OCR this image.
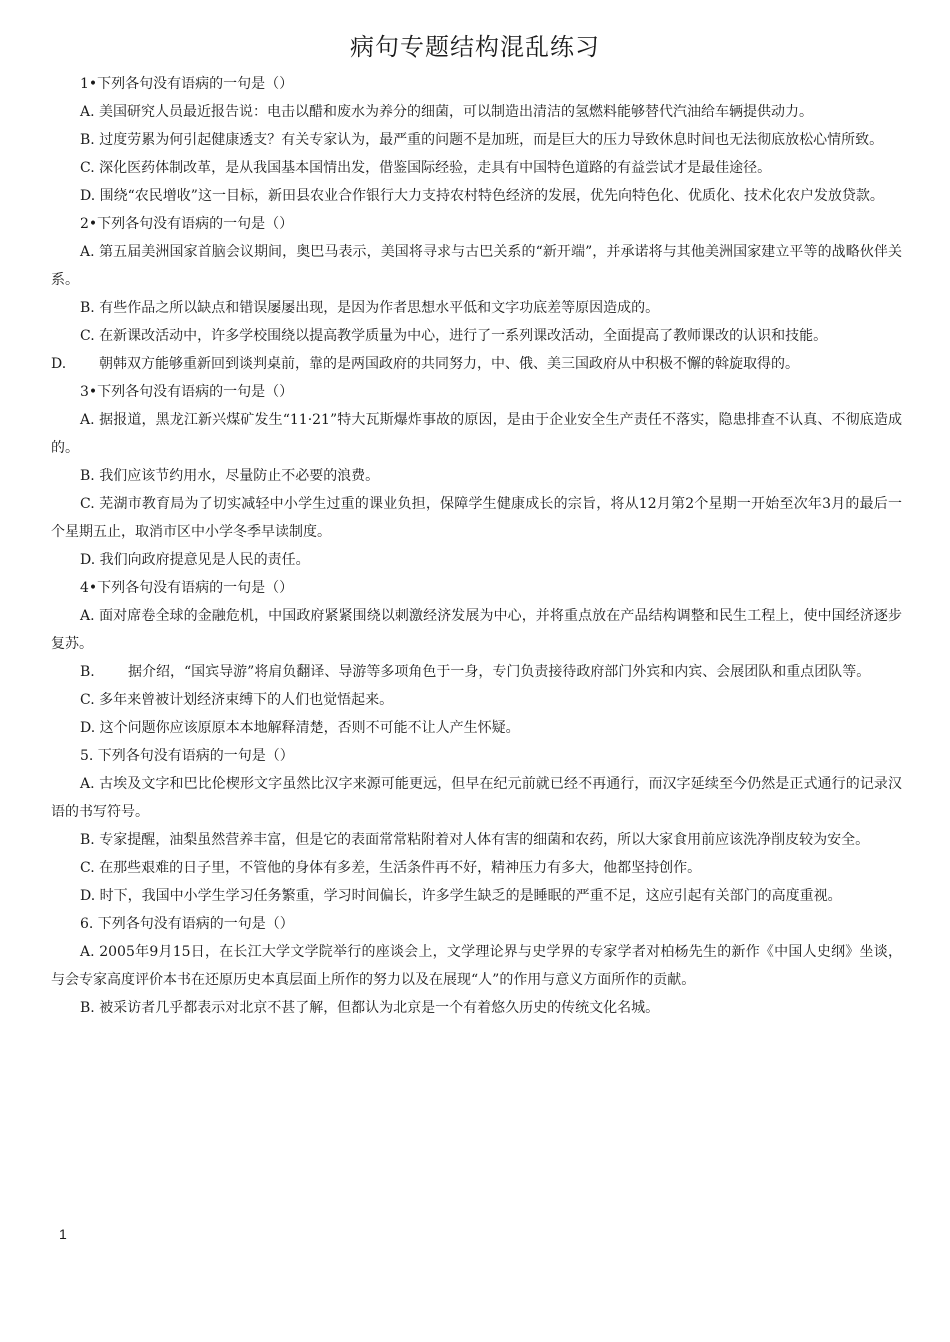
病句专题结构混乱练习

1•下列各句没有语病的一句是（）

A. 美国研究人员最近报告说：电击以醋和废水为养分的细菌，可以制造出清洁的氢燃料能够替代汽油给车辆提供动力。

B. 过度劳累为何引起健康透支？有关专家认为，最严重的问题不是加班，而是巨大的压力导致休息时间也无法彻底放松心情所致。

C. 深化医药体制改革，是从我国基本国情出发，借鉴国际经验，走具有中国特色道路的有益尝试才是最佳途径。

D. 围绕“农民增收”这一目标，新田县农业合作银行大力支持农村特色经济的发展，优先向特色化、优质化、技术化农户发放贷款。

2•下列各句没有语病的一句是（）

A. 第五届美洲国家首脑会议期间，奥巴马表示，美国将寻求与古巴关系的“新开端”，并承诺将与其他美洲国家建立平等的战略伙伴关系。

B. 有些作品之所以缺点和错误屡屡出现，是因为作者思想水平低和文字功底差等原因造成的。

C. 在新课改活动中，许多学校围绕以提高教学质量为中心，进行了一系列课改活动，全面提高了教师课改的认识和技能。

D. 朝韩双方能够重新回到谈判桌前，靠的是两国政府的共同努力，中、俄、美三国政府从中积极不懈的斡旋取得的。

3•下列各句没有语病的一句是（）

A. 据报道，黑龙江新兴煤矿发生“11·21”特大瓦斯爆炸事故的原因，是由于企业安全生产责任不落实，隐患排查不认真、不彻底造成的。

B. 我们应该节约用水，尽量防止不必要的浪费。

C. 芜湖市教育局为了切实减轻中小学生过重的课业负担，保障学生健康成长的宗旨，将从12月第2个星期一开始至次年3月的最后一个星期五止，取消市区中小学冬季早读制度。

D. 我们向政府提意见是人民的责任。

4•下列各句没有语病的一句是（）

A. 面对席卷全球的金融危机，中国政府紧紧围绕以刺激经济发展为中心，并将重点放在产品结构调整和民生工程上，使中国经济逐步复苏。

B. 据介绍，“国宾导游”将肩负翻译、导游等多项角色于一身，专门负责接待政府部门外宾和内宾、会展团队和重点团队等。

C. 多年来曾被计划经济束缚下的人们也觉悟起来。

D. 这个问题你应该原原本本地解释清楚，否则不可能不让人产生怀疑。

5. 下列各句没有语病的一句是（）

A. 古埃及文字和巴比伦楔形文字虽然比汉字来源可能更远，但早在纪元前就已经不再通行，而汉字延续至今仍然是正式通行的记录汉语的书写符号。

B. 专家提醒，油梨虽然营养丰富，但是它的表面常常粘附着对人体有害的细菌和农药，所以大家食用前应该洗净削皮较为安全。

C. 在那些艰难的日子里，不管他的身体有多差，生活条件再不好，精神压力有多大，他都坚持创作。

D. 时下，我国中小学生学习任务繁重，学习时间偏长，许多学生缺乏的是睡眠的严重不足，这应引起有关部门的高度重视。

6. 下列各句没有语病的一句是（）

A. 2005年9月15日，在长江大学文学院举行的座谈会上，文学理论界与史学界的专家学者对柏杨先生的新作《中国人史纲》坐谈，与会专家高度评价本书在还原历史本真层面上所作的努力以及在展现“人”的作用与意义方面所作的贡献。

B. 被采访者几乎都表示对北京不甚了解，但都认为北京是一个有着悠久历史的传统文化名城。

1
